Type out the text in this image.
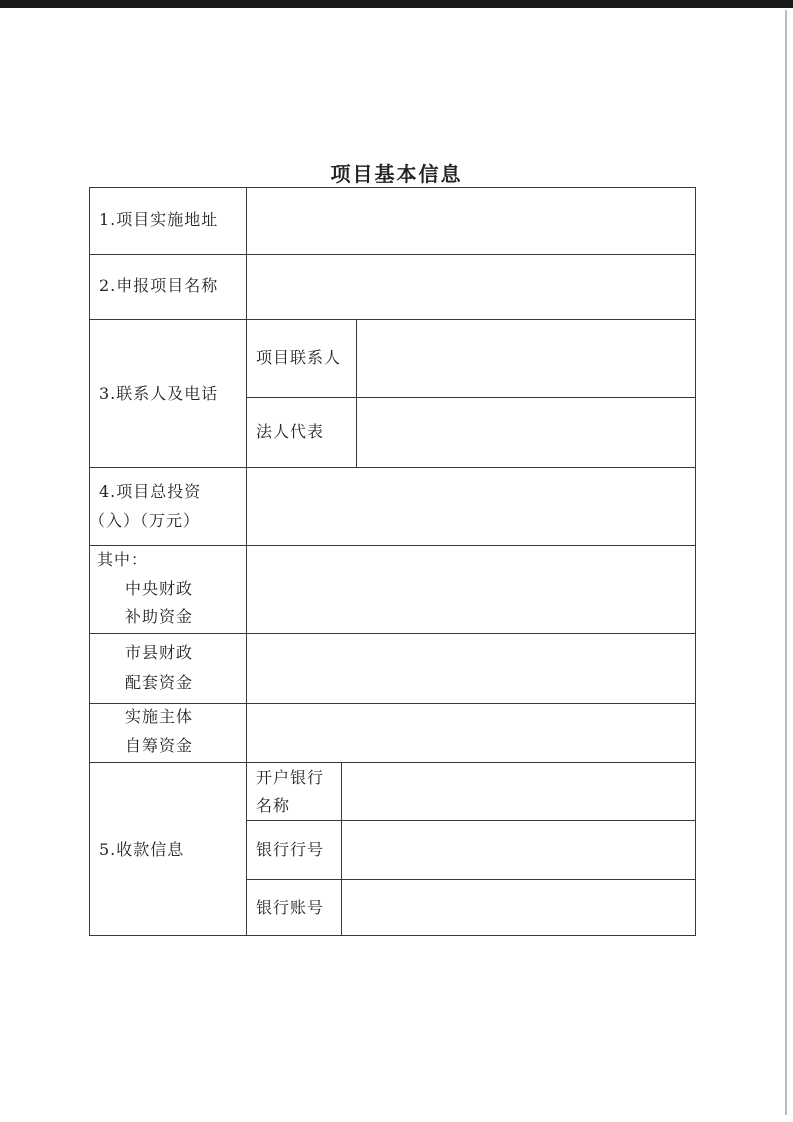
项目基本信息
1.项目实施地址
2.申报项目名称
3.联系人及电话
项目联系人
法人代表
4.项目总投资
（入）（万元）
其中：
中央财政
补助资金
市县财政
配套资金
实施主体
自筹资金
5.收款信息
开户银行
名称
银行行号
银行账号
